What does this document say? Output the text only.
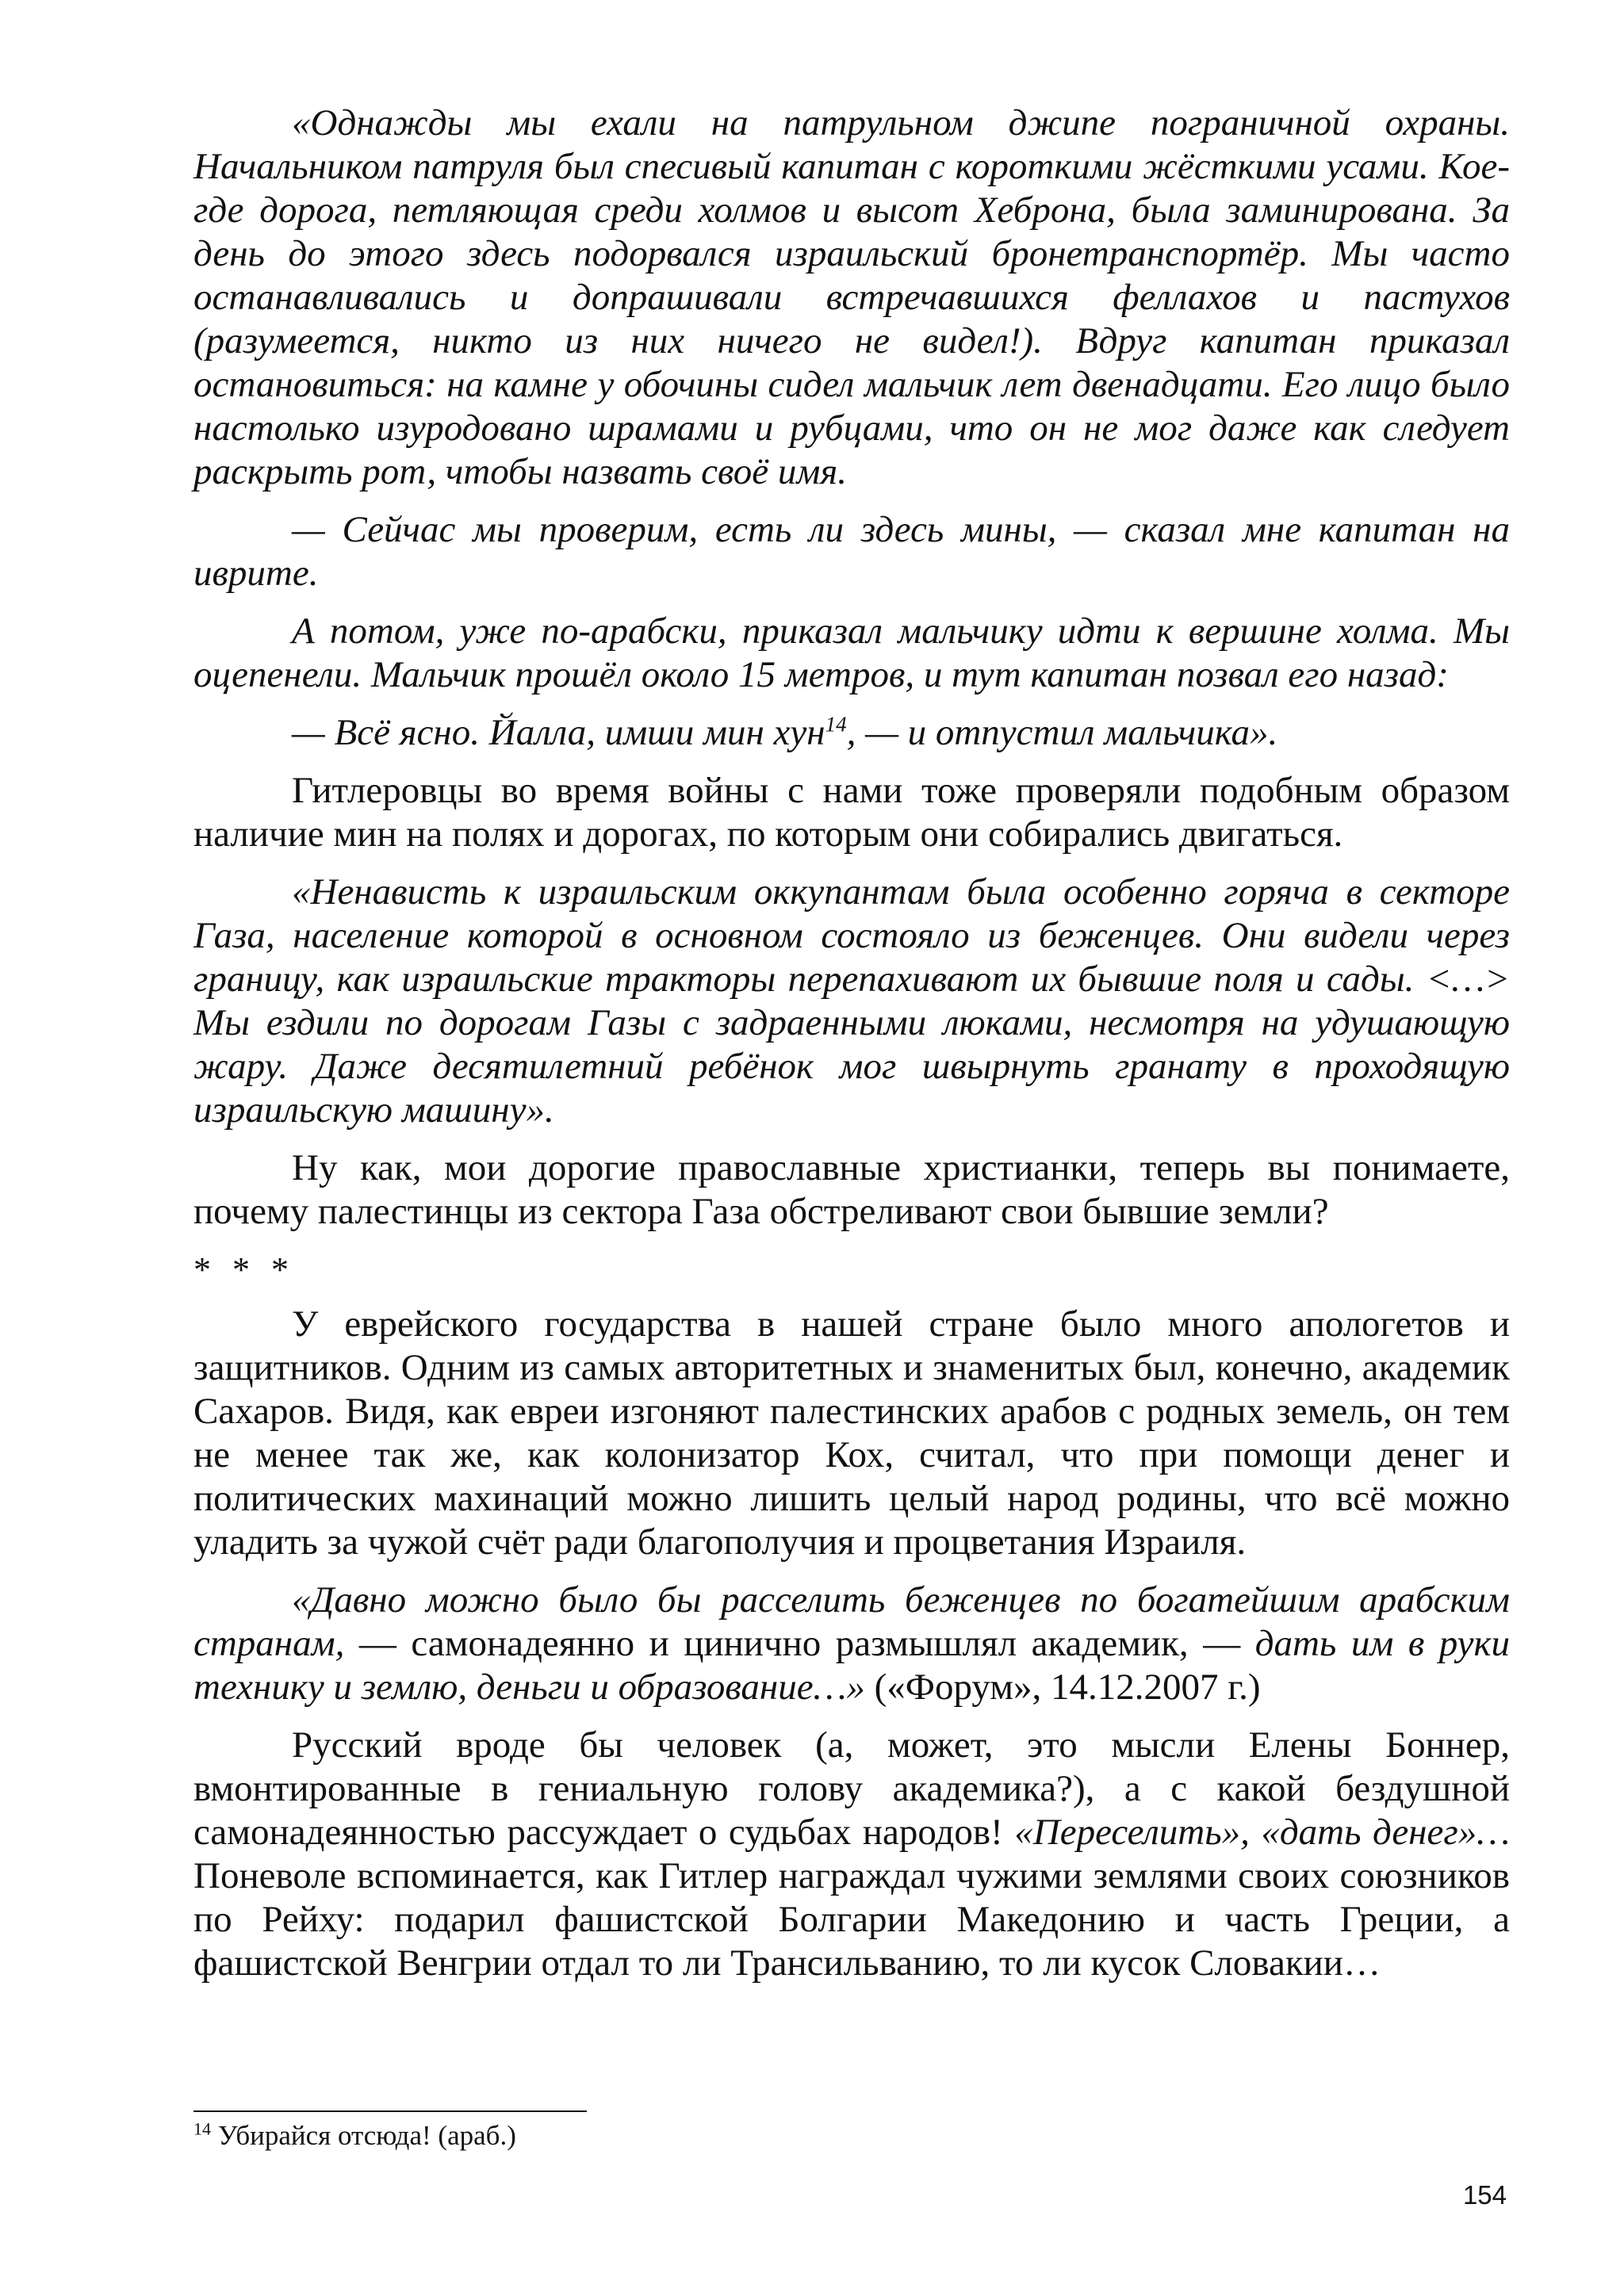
«Однажды мы ехали на патрульном джипе пограничной охраны. Начальником патруля был спесивый капитан с короткими жёсткими усами. Кое-где дорога, петляющая среди холмов и высот Хеброна, была заминирована. За день до этого здесь подорвался израильский бронетранспортёр. Мы часто останавливались и допрашивали встречавшихся феллахов и пастухов (разумеется, никто из них ничего не видел!). Вдруг капитан приказал остановиться: на камне у обочины сидел мальчик лет двенадцати. Его лицо было настолько изуродовано шрамами и рубцами, что он не мог даже как следует раскрыть рот, чтобы назвать своё имя.

— Сейчас мы проверим, есть ли здесь мины, — сказал мне капитан на иврите.

А потом, уже по-арабски, приказал мальчику идти к вершине холма. Мы оцепенели. Мальчик прошёл около 15 метров, и тут капитан позвал его назад:

— Всё ясно. Йалла, имши мин хун$^{14}$, — и отпустил мальчика».

Гитлеровцы во время войны с нами тоже проверяли подобным образом наличие мин на полях и дорогах, по которым они собирались двигаться.

«Ненависть к израильским оккупантам была особенно горяча в секторе Газа, население которой в основном состояло из беженцев. Они видели через границу, как израильские тракторы перепахивают их бывшие поля и сады. <…> Мы ездили по дорогам Газы с задраенными люками, несмотря на удушающую жару. Даже десятилетний ребёнок мог швырнуть гранату в проходящую израильскую машину».

Ну как, мои дорогие православные христианки, теперь вы понимаете, почему палестинцы из сектора Газа обстреливают свои бывшие земли?

* * *

У еврейского государства в нашей стране было много апологетов и защитников. Одним из самых авторитетных и знаменитых был, конечно, академик Сахаров. Видя, как евреи изгоняют палестинских арабов с родных земель, он тем не менее так же, как колонизатор Кох, считал, что при помощи денег и политических махинаций можно лишить целый народ родины, что всё можно уладить за чужой счёт ради благополучия и процветания Израиля.

«Давно можно было бы расселить беженцев по богатейшим арабским странам, — самонадеянно и цинично размышлял академик, — дать им в руки технику и землю, деньги и образование…» («Форум», 14.12.2007 г.)

Русский вроде бы человек (а, может, это мысли Елены Боннер, вмонтированные в гениальную голову академика?), а с какой бездушной самонадеянностью рассуждает о судьбах народов! «Переселить», «дать денег»… Поневоле вспоминается, как Гитлер награждал чужими землями своих союзников по Рейху: подарил фашистской Болгарии Македонию и часть Греции, а фашистской Венгрии отдал то ли Трансильванию, то ли кусок Словакии…

$^{14}$ Убирайся отсюда! (араб.)
154
